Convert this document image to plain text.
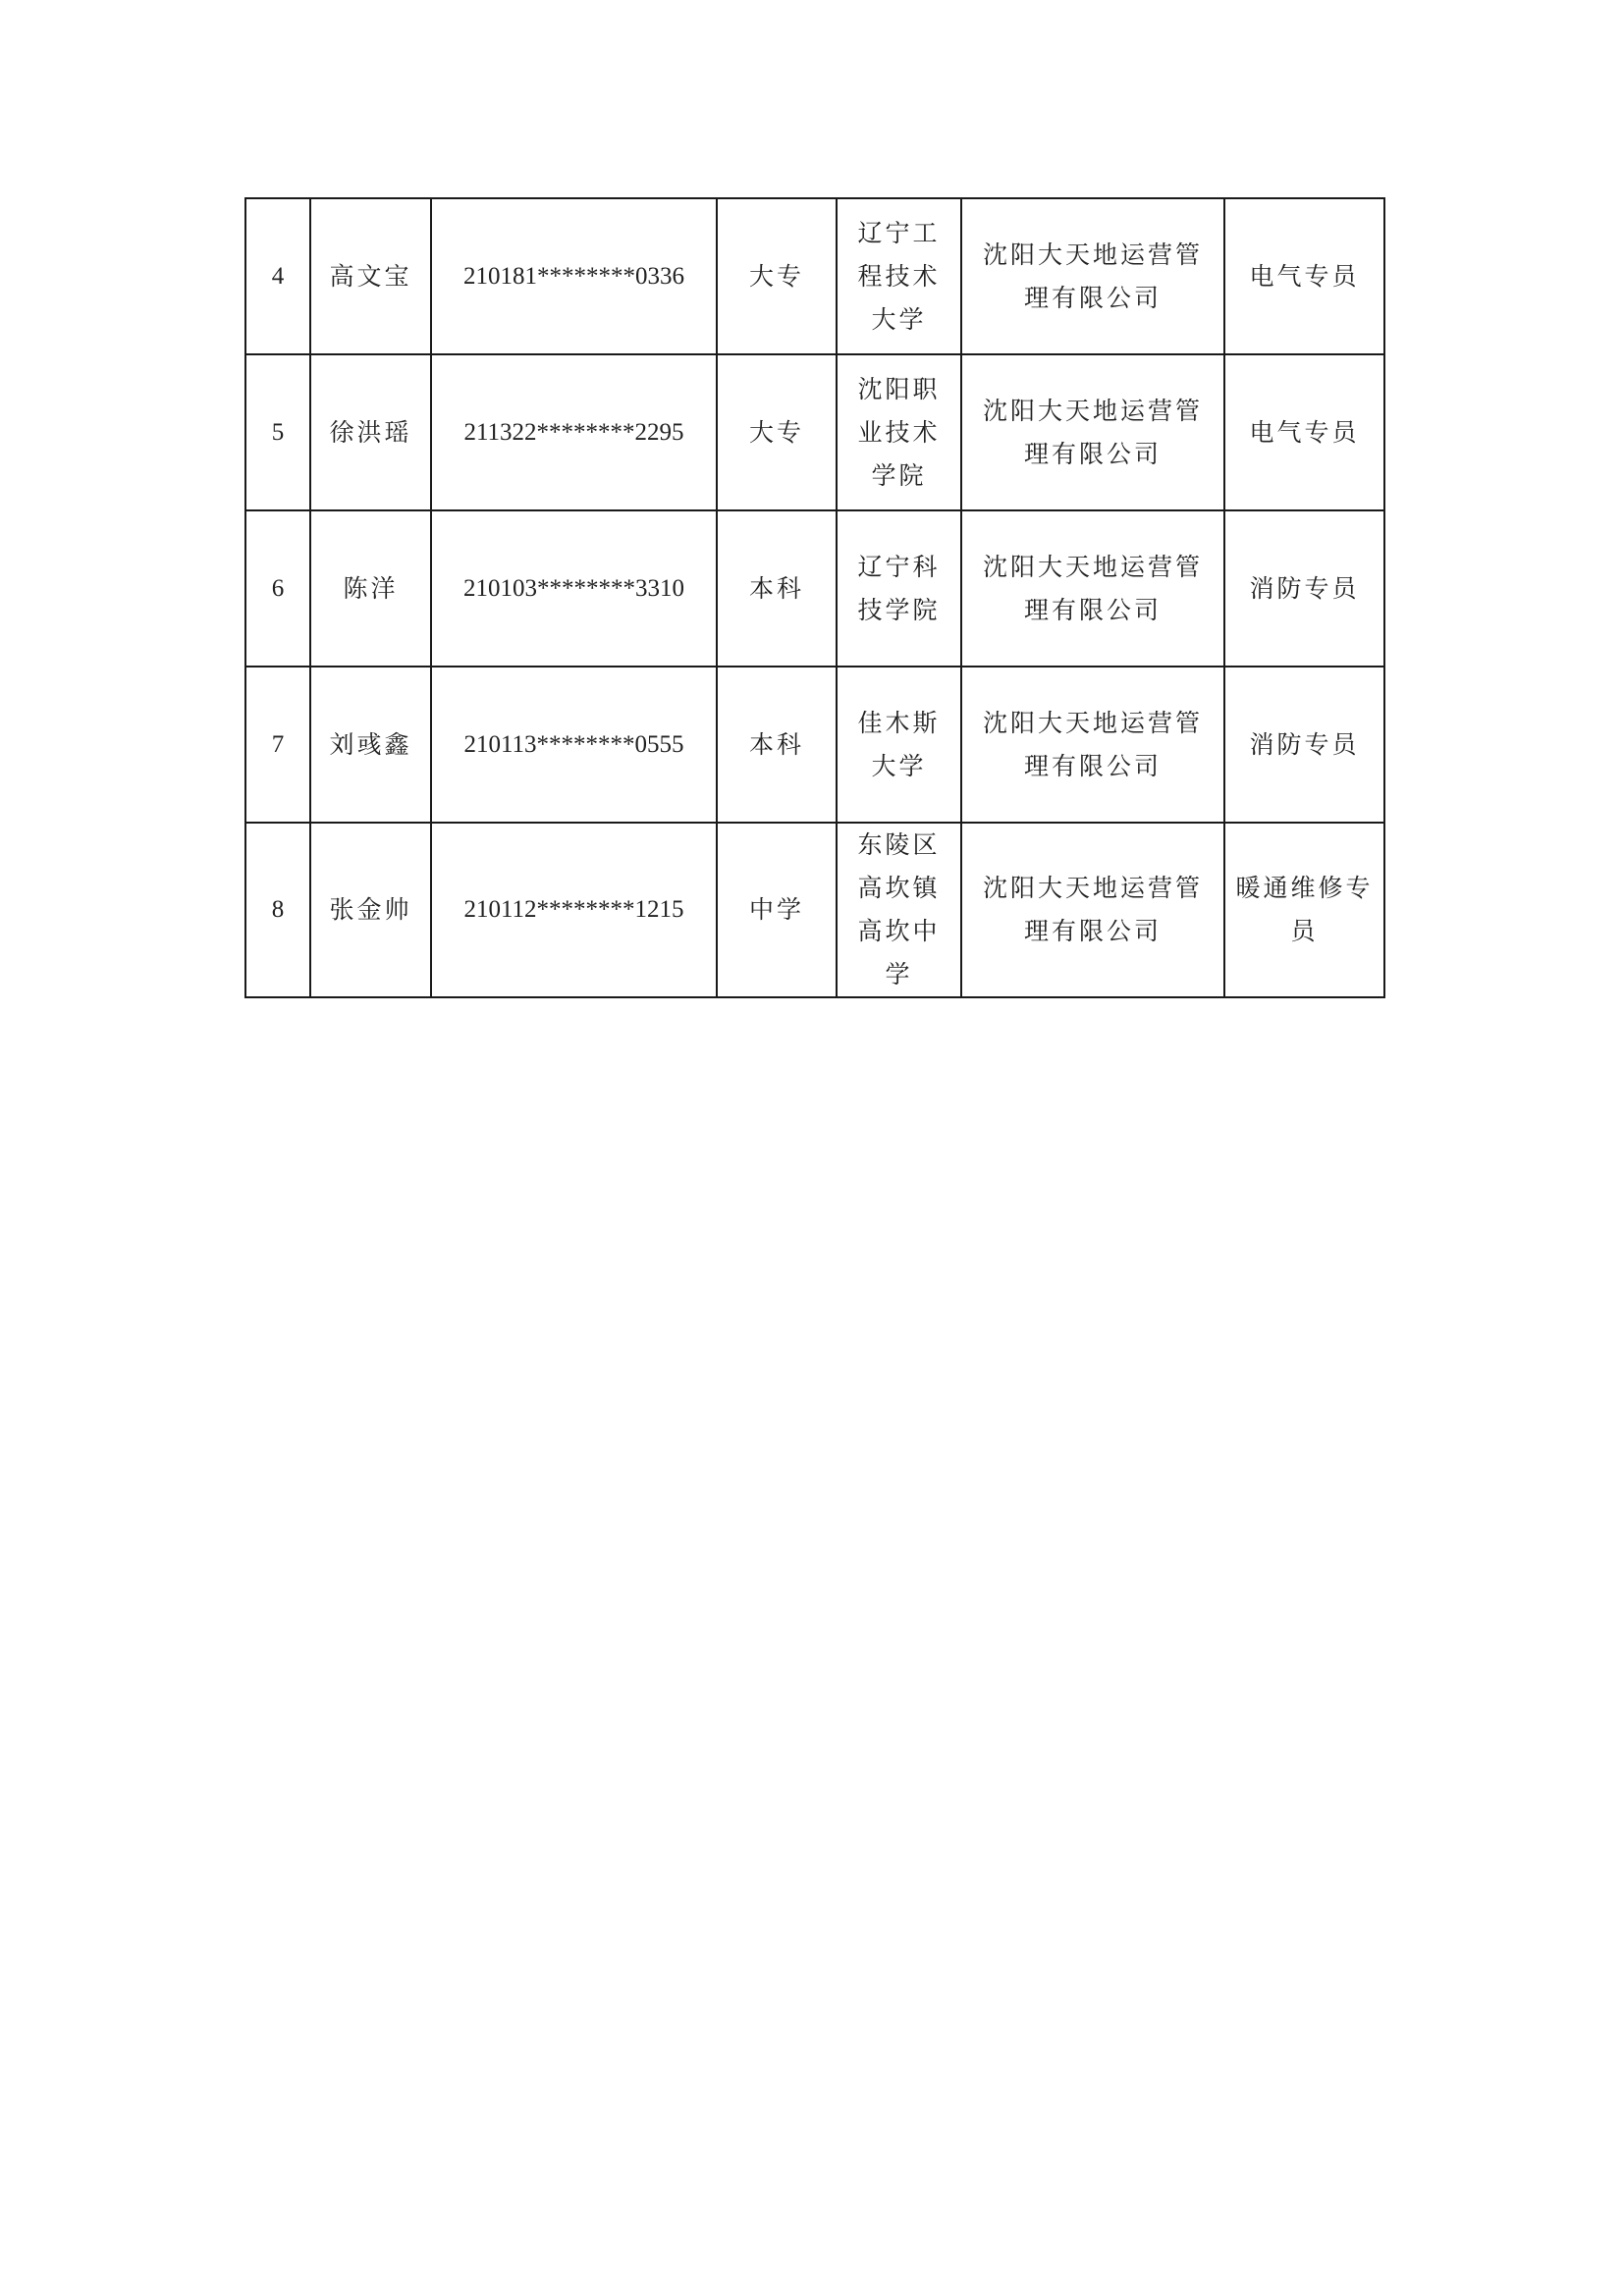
4	高文宝	210181********0336	大专	辽宁工程技术大学	沈阳大天地运营管理有限公司	电气专员
5	徐洪瑶	211322********2295	大专	沈阳职业技术学院	沈阳大天地运营管理有限公司	电气专员
6	陈洋	210103********3310	本科	辽宁科技学院	沈阳大天地运营管理有限公司	消防专员
7	刘彧鑫	210113********0555	本科	佳木斯大学	沈阳大天地运营管理有限公司	消防专员
8	张金帅	210112********1215	中学	东陵区高坎镇高坎中学	沈阳大天地运营管理有限公司	暖通维修专员
